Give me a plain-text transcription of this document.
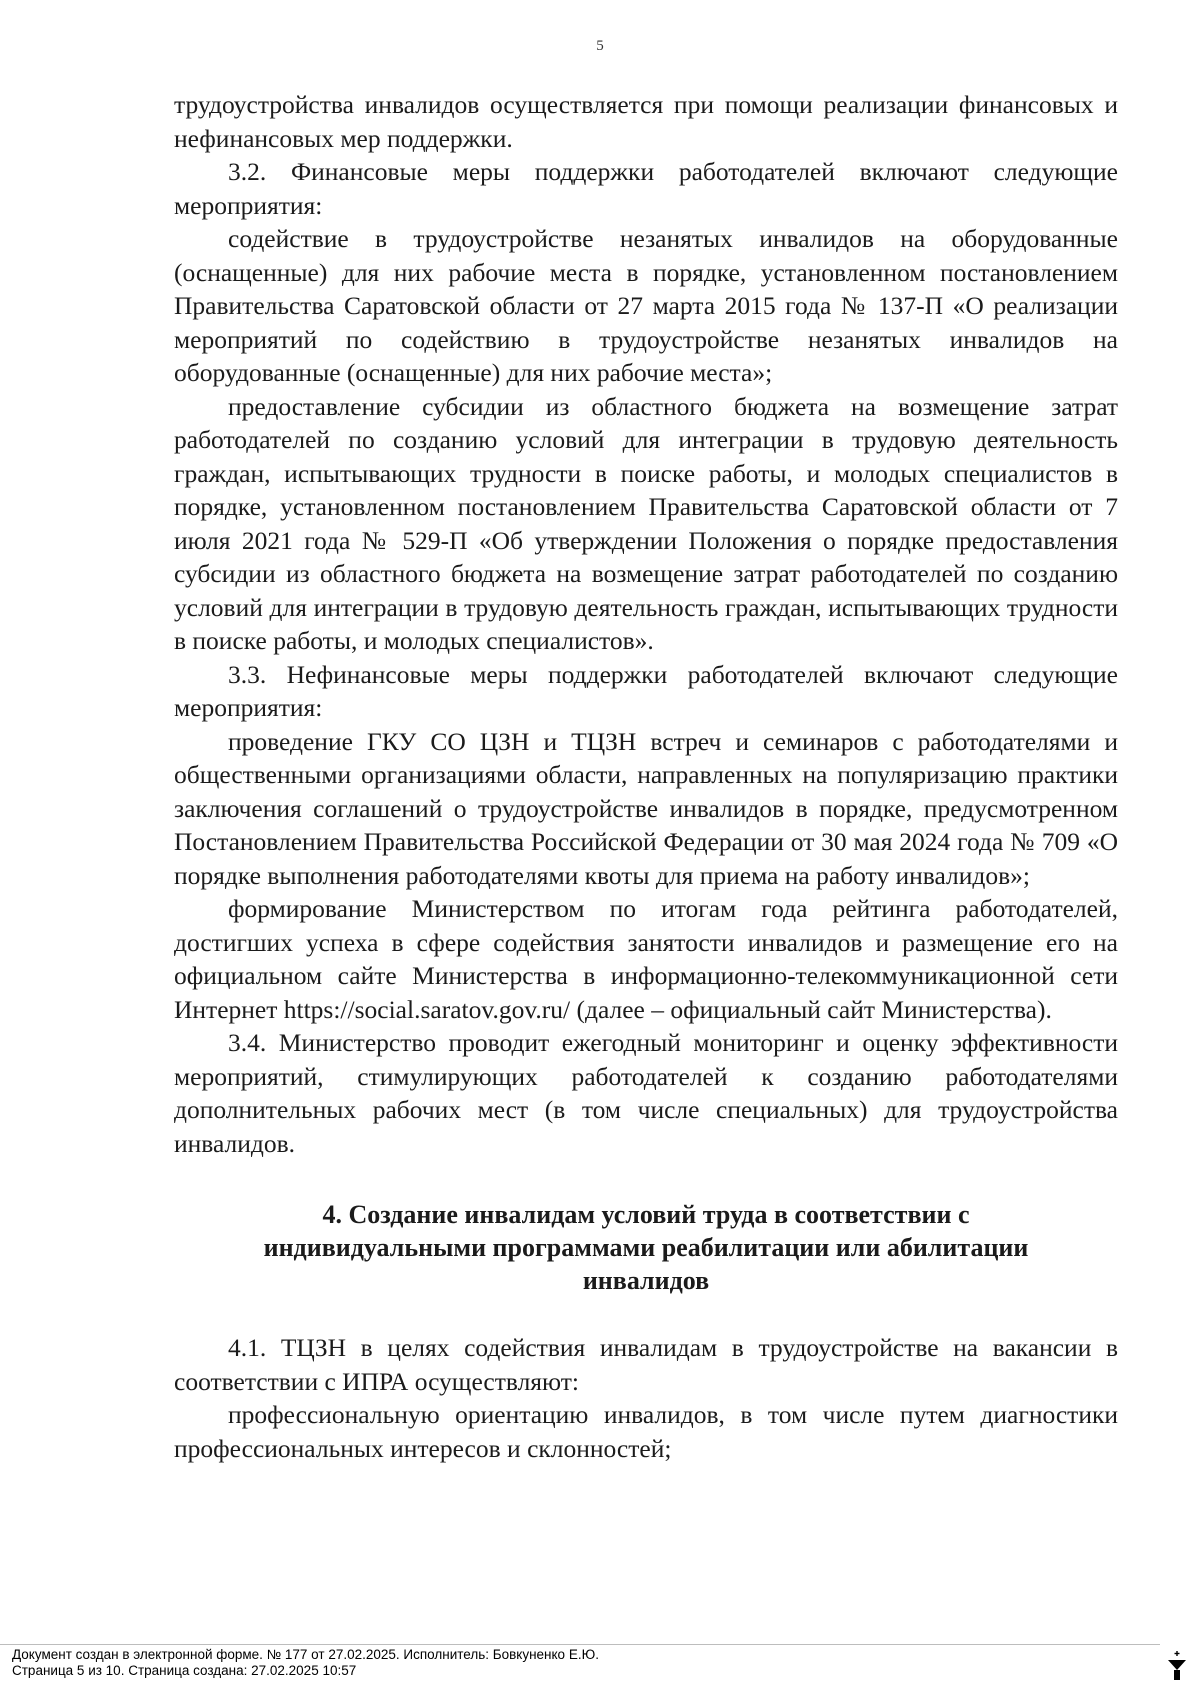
5

трудоустройства инвалидов осуществляется при помощи реализации финансовых и нефинансовых мер поддержки.

3.2. Финансовые меры поддержки работодателей включают следующие мероприятия:

содействие в трудоустройстве незанятых инвалидов на оборудованные (оснащенные) для них рабочие места в порядке, установленном постановлением Правительства Саратовской области от 27 марта 2015 года № 137-П «О реализации мероприятий по содействию в трудоустройстве незанятых инвалидов на оборудованные (оснащенные) для них рабочие места»;

предоставление субсидии из областного бюджета на возмещение затрат работодателей по созданию условий для интеграции в трудовую деятельность граждан, испытывающих трудности в поиске работы, и молодых специалистов в порядке, установленном постановлением Правительства Саратовской области от 7 июля 2021 года № 529-П «Об утверждении Положения о порядке предоставления субсидии из областного бюджета на возмещение затрат работодателей по созданию условий для интеграции в трудовую деятельность граждан, испытывающих трудности в поиске работы, и молодых специалистов».

3.3. Нефинансовые меры поддержки работодателей включают следующие мероприятия:

проведение ГКУ СО ЦЗН и ТЦЗН встреч и семинаров с работодателями и общественными организациями области, направленных на популяризацию практики заключения соглашений о трудоустройстве инвалидов в порядке, предусмотренном Постановлением Правительства Российской Федерации от 30 мая 2024 года № 709 «О порядке выполнения работодателями квоты для приема на работу инвалидов»;

формирование Министерством по итогам года рейтинга работодателей, достигших успеха в сфере содействия занятости инвалидов и размещение его на официальном сайте Министерства в информационно-телекоммуникационной сети Интернет https://social.saratov.gov.ru/ (далее – официальный сайт Министерства).

3.4. Министерство проводит ежегодный мониторинг и оценку эффективности мероприятий, стимулирующих работодателей к созданию работодателями дополнительных рабочих мест (в том числе специальных) для трудоустройства инвалидов.

4. Создание инвалидам условий труда в соответствии с
индивидуальными программами реабилитации или абилитации
инвалидов

4.1. ТЦЗН в целях содействия инвалидам в трудоустройстве на вакансии в соответствии с ИПРА осуществляют:

профессиональную ориентацию инвалидов, в том числе путем диагностики профессиональных интересов и склонностей;

Документ создан в электронной форме. № 177 от 27.02.2025. Исполнитель: Бовкуненко Е.Ю.
Страница 5 из 10. Страница создана: 27.02.2025 10:57
